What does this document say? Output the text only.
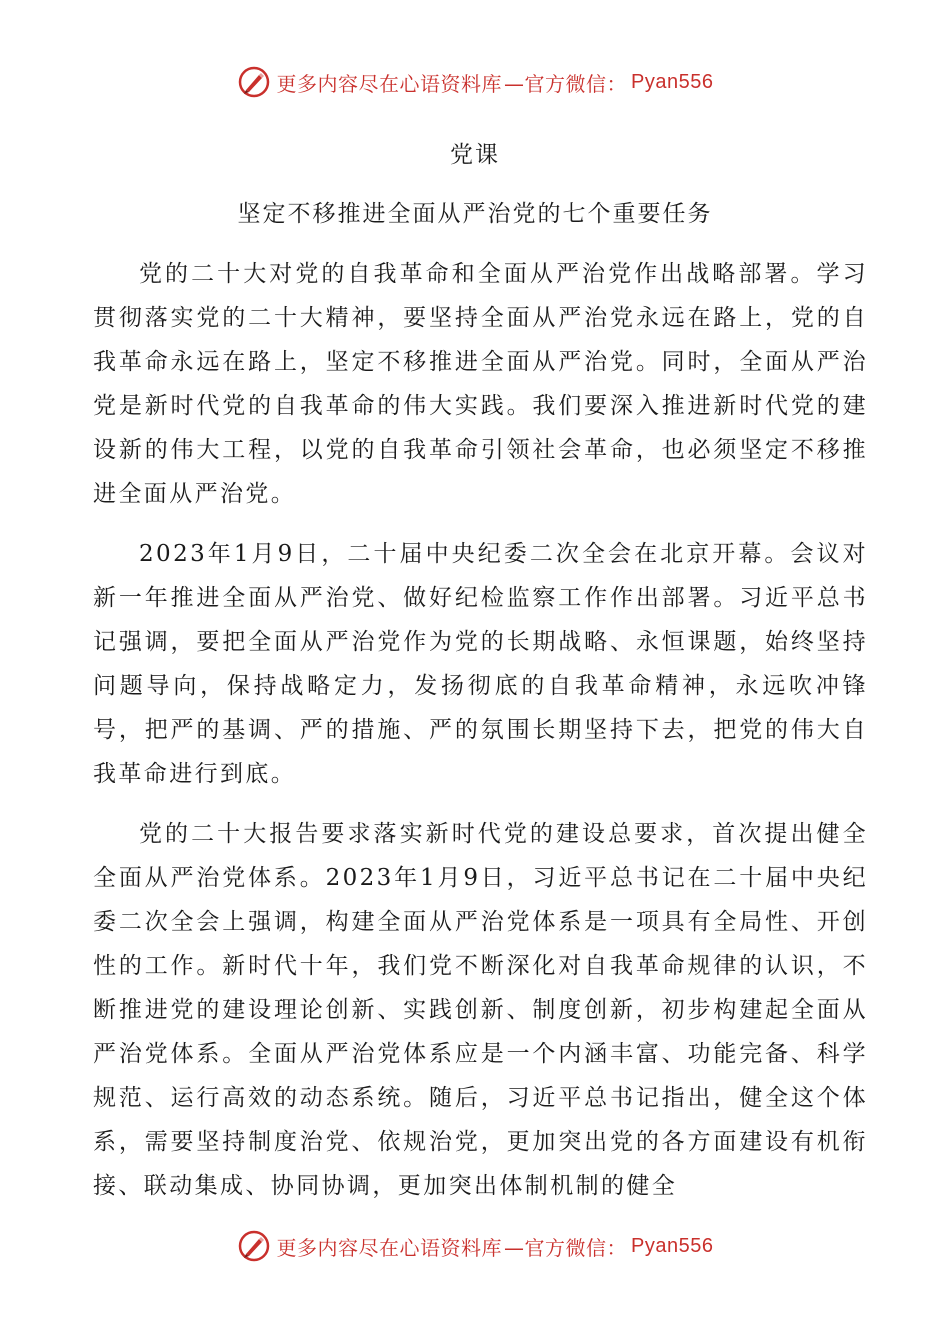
更多内容尽在心语资料库 —官方微信： Pyan556
党课
坚定不移推进全面从严治党的七个重要任务

党的二十大对党的自我革命和全面从严治党作出战略部署。学习贯彻落实党的二十大精神，要坚持全面从严治党永远在路上，党的自我革命永远在路上，坚定不移推进全面从严治党。同时，全面从严治党是新时代党的自我革命的伟大实践。我们要深入推进新时代党的建设新的伟大工程，以党的自我革命引领社会革命，也必须坚定不移推进全面从严治党。

2023年1月9日，二十届中央纪委二次全会在北京开幕。会议对新一年推进全面从严治党、做好纪检监察工作作出部署。习近平总书记强调，要把全面从严治党作为党的长期战略、永恒课题，始终坚持问题导向，保持战略定力，发扬彻底的自我革命精神，永远吹冲锋号，把严的基调、严的措施、严的氛围长期坚持下去，把党的伟大自我革命进行到底。

党的二十大报告要求落实新时代党的建设总要求，首次提出健全全面从严治党体系。2023年1月9日，习近平总书记在二十届中央纪委二次全会上强调，构建全面从严治党体系是一项具有全局性、开创性的工作。新时代十年，我们党不断深化对自我革命规律的认识，不断推进党的建设理论创新、实践创新、制度创新，初步构建起全面从严治党体系。全面从严治党体系应是一个内涵丰富、功能完备、科学规范、运行高效的动态系统。随后，习近平总书记指出，健全这个体系，需要坚持制度治党、依规治党，更加突出党的各方面建设有机衔接、联动集成、协同协调，更加突出体制机制的健全

更多内容尽在心语资料库 —官方微信： Pyan556
